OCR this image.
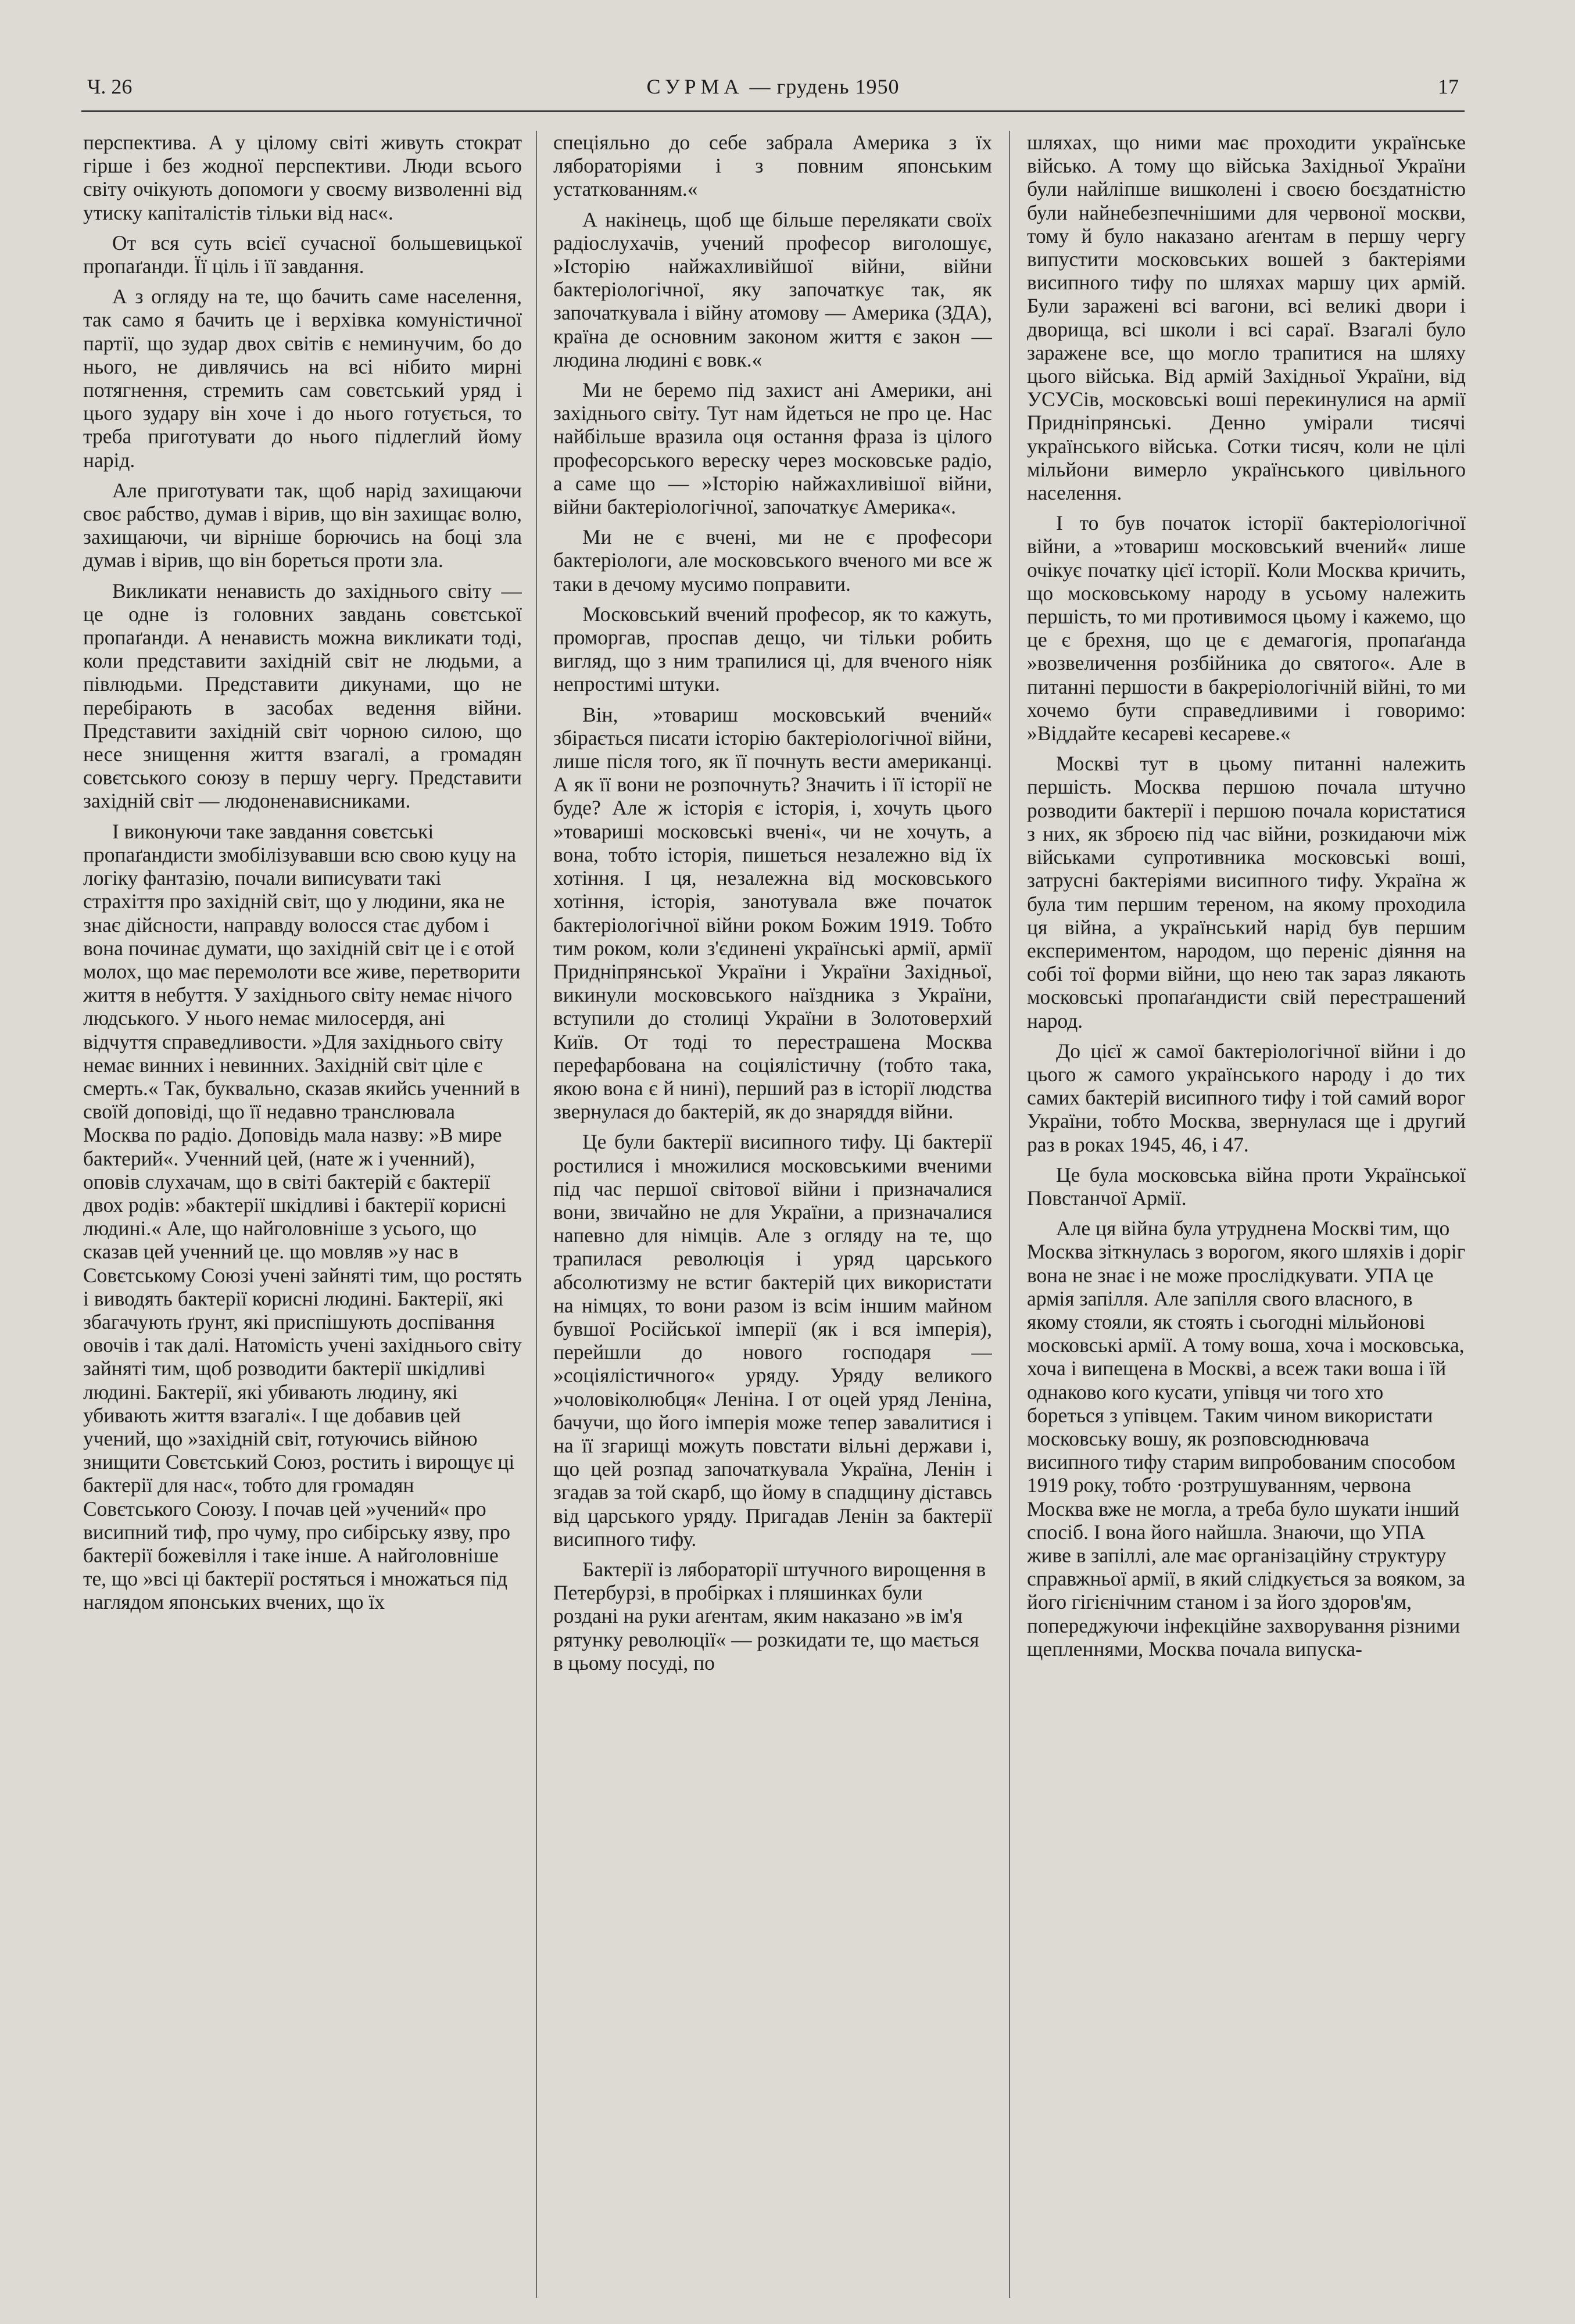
Ч. 26	СУРМА — грудень 1950	17

перспектива. А у цілому світі живуть стократ гірше і без жодної перспективи. Люди всього світу очікують допомоги у своєму визволенні від утиску капіталістів тільки від нас«.

От вся суть всієї сучасної большевицької пропаґанди. Її ціль і її завдання.

А з огляду на те, що бачить саме населення, так само я бачить це і верхівка комуністичної партії, що зудар двох світів є неминучим, бо до нього, не дивлячись на всі нібито мирні потягнення, стремить сам совєтський уряд і цього зудару він хоче і до нього готується, то треба приготувати до нього підлеглий йому нарід.

Але приготувати так, щоб нарід захищаючи своє рабство, думав і вірив, що він захищає волю, захищаючи, чи вірніше борючись на боці зла думав і вірив, що він бореться проти зла.

Викликати ненависть до західнього світу — це одне із головних завдань совєтської пропаґанди. А ненависть можна викликати тоді, коли представити західній світ не людьми, а півлюдьми. Представити дикунами, що не перебірають в засобах ведення війни. Представити західній світ чорною силою, що несе знищення життя взагалі, а громадян совєтського союзу в першу чергу. Представити західній світ — людоненависниками.

І виконуючи таке завдання совєтські пропаґандисти змобілізувавши всю свою куцу на логіку фантазію, почали виписувати такі страхіття про західній світ, що у людини, яка не знає дійсности, направду волосся стає дубом і вона починає думати, що західній світ це і є отой молох, що має перемолоти все живе, перетворити життя в небуття. У західнього світу немає нічого людського. У нього немає милосердя, ані відчуття справедливости. »Для західнього світу немає винних і невинних. Західній світ ціле є смерть.« Так, буквально, сказав якийсь ученний в своїй доповіді, що її недавно транслювала Москва по радіо. Доповідь мала назву: »В мире бактерий«. Ученний цей, (нате ж і ученний), оповів слухачам, що в світі бактерій є бактерії двох родів: »бактерії шкідливі і бактерії корисні людині.« Але, що найголовніше з усього, що сказав цей ученний це. що мовляв »у нас в Совєтському Союзі учені зайняті тим, що ростять і виводять бактерії корисні людині. Бактерії, які збагачують ґрунт, які приспішують доспівання овочів і так далі. Натомість учені західнього світу зайняті тим, щоб розводити бактерії шкідливі людині. Бактерії, які убивають людину, які убивають життя взагалі«. І ще добавив цей учений, що »західній світ, готуючись війною знищити Совєтський Союз, ростить і вирощує ці бактерії для нас«, тобто для громадян Совєтського Союзу. І почав цей »учений« про висипний тиф, про чуму, про сибірську язву, про бактерії божевілля і таке інше. А найголовніше те, що »всі ці бактерії ростяться і множаться під наглядом японських вчених, що їх

спеціяльно до себе забрала Америка з їх лябораторіями і з повним японським устаткованням.«

А накінець, щоб ще більше перелякати своїх радіослухачів, учений професор виголошує, »Історію найжахливійшої війни, війни бактеріологічної, яку започаткує так, як започаткувала і війну атомову — Америка (ЗДА), країна де основним законом життя є закон — людина людині є вовк.«

Ми не беремо під захист ані Америки, ані західнього світу. Тут нам йдеться не про це. Нас найбільше вразила оця остання фраза із цілого професорського вереску через московське радіо, а саме що — »Історію найжахливішої війни, війни бактеріологічної, започаткує Америка«.

Ми не є вчені, ми не є професори бактеріологи, але московського вченого ми все ж таки в дечому мусимо поправити.

Московський вчений професор, як то кажуть, проморгав, проспав дещо, чи тільки робить вигляд, що з ним трапилися ці, для вченого ніяк непростимі штуки.

Він, »товариш московський вчений« збірається писати історію бактеріологічної війни, лише після того, як її почнуть вести американці. А як її вони не розпочнуть? Значить і її історії не буде? Але ж історія є історія, і, хочуть цього »товариші московські вчені«, чи не хочуть, а вона, тобто історія, пишеться незалежно від їх хотіння. І ця, незалежна від московського хотіння, історія, занотувала вже початок бактеріологічної війни роком Божим 1919. Тобто тим роком, коли з'єдинені українські армії, армії Придніпрянської України і України Західньої, викинули московського наїздника з України, вступили до столиці України в Золотоверхий Київ. От тоді то перестрашена Москва перефарбована на соціялістичну (тобто така, якою вона є й нині), перший раз в історії людства звернулася до бактерій, як до знаряддя війни.

Це були бактерії висипного тифу. Ці бактерії ростилися і множилися московськими вченими під час першої світової війни і призначалися вони, звичайно не для України, а призначалися напевно для німців. Але з огляду на те, що трапилася революція і уряд царського абсолютизму не встиг бактерій цих використати на німцях, то вони разом із всім іншим майном бувшої Російської імперії (як і вся імперія), перейшли до нового господаря — »соціялістичного« уряду. Уряду великого »чоловіколюбця« Леніна. І от оцей уряд Леніна, бачучи, що його імперія може тепер завалитися і на її згарищі можуть повстати вільні держави і, що цей розпад започаткувала Україна, Ленін і згадав за той скарб, що йому в спадщину діставсь від царського уряду. Пригадав Ленін за бактерії висипного тифу.

Бактерії із лябораторії штучного вирощення в Петербурзі, в пробірках і пляшинках були роздані на руки аґентам, яким наказано »в ім'я рятунку революції« — розкидати те, що мається в цьому посуді, по

шляхах, що ними має проходити українське військо. А тому що війська Західньої України були найліпше вишколені і своєю боєздатністю були найнебезпечнішими для червоної москви, тому й було наказано аґентам в першу чергу випустити московських вошей з бактеріями висипного тифу по шляхах маршу цих армій. Були заражені всі вагони, всі великі двори і дворища, всі школи і всі сараї. Взагалі було заражене все, що могло трапитися на шляху цього війська. Від армій Західньої України, від УСУСів, московські воші перекинулися на армії Придніпрянські. Денно умірали тисячі українського війська. Сотки тисяч, коли не цілі мільйони вимерло українського цивільного населення.

І то був початок історії бактеріологічної війни, а »товариш московський вчений« лише очікує початку цієї історії. Коли Москва кричить, що московському народу в усьому належить першість, то ми противимося цьому і кажемо, що це є брехня, що це є демагогія, пропаґанда »возвеличення розбійника до святого«. Але в питанні першости в бакреріологічній війні, то ми хочемо бути справедливими і говоримо: »Віддайте кесареві кесареве.«

Москві тут в цьому питанні належить першість. Москва першою почала штучно розводити бактерії і першою почала користатися з них, як зброєю під час війни, розкидаючи між військами супротивника московські воші, затрусні бактеріями висипного тифу. Україна ж була тим першим тереном, на якому проходила ця війна, а український нарід був першим експериментом, народом, що переніс діяння на собі тої форми війни, що нею так зараз лякають московські пропаґандисти свій перестрашений народ.

До цієї ж самої бактеріологічної війни і до цього ж самого українського народу і до тих самих бактерій висипного тифу і той самий ворог України, тобто Москва, звернулася ще і другий раз в роках 1945, 46, і 47.

Це була московська війна проти Української Повстанчої Армії.

Але ця війна була утруднена Москві тим, що Москва зіткнулась з ворогом, якого шляхів і доріг вона не знає і не може прослідкувати. УПА це армія запілля. Але запілля свого власного, в якому стояли, як стоять і сьогодні мільйонові московські армії. А тому воша, хоча і московська, хоча і випещена в Москві, а всеж таки воша і їй однаково кого кусати, упівця чи того хто бореться з упівцем. Таким чином використати московську вошу, як розповсюднювача висипного тифу старим випробованим способом 1919 року, тобто ·розтрушуванням, червона Москва вже не могла, а треба було шукати інший спосіб. І вона його найшла. Знаючи, що УПА живе в запіллі, але має організаційну структуру справжньої армії, в який слідкується за вояком, за його гігієнічним станом і за його здоров'ям, попереджуючи інфекційне захворування різними щепленнями, Москва почала випуска-
